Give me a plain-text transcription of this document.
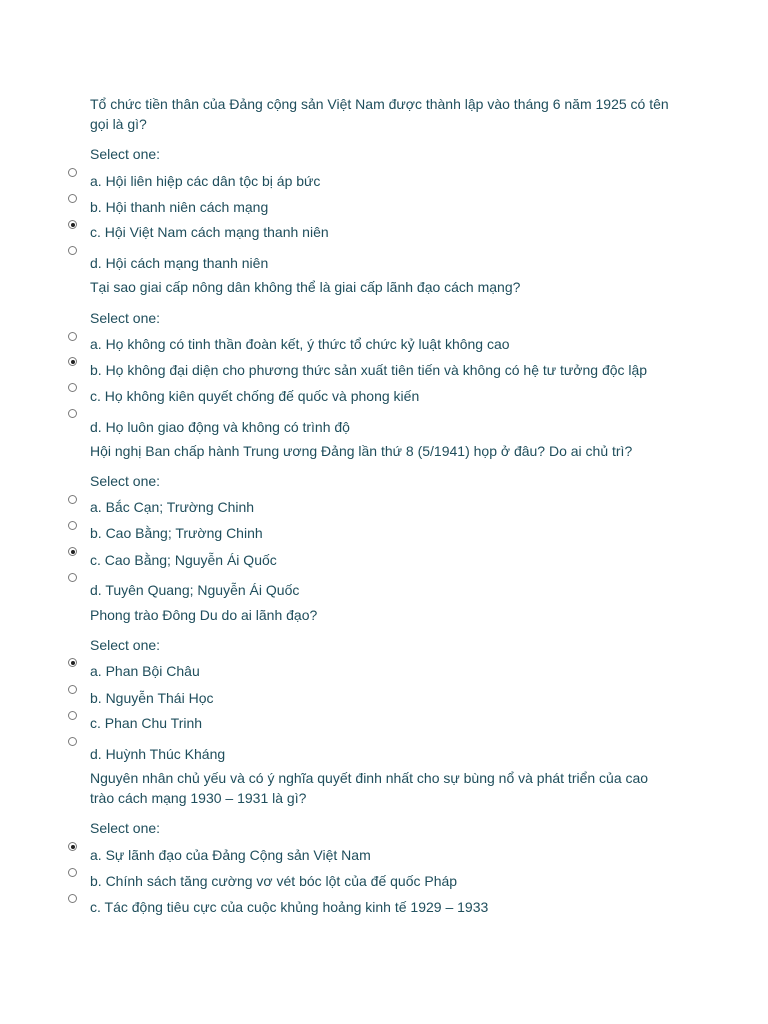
Tổ chức tiền thân của Đảng cộng sản Việt Nam được thành lập vào tháng 6 năm 1925 có tên gọi là gì?
Select one:
a. Hội liên hiệp các dân tộc bị áp bức
b. Hội thanh niên cách mạng
c. Hội Việt Nam cách mạng thanh niên
d. Hội cách mạng thanh niên
Tại sao giai cấp nông dân không thể là giai cấp lãnh đạo cách mạng?
Select one:
a. Họ không có tinh thần đoàn kết, ý thức tổ chức kỷ luật không cao
b. Họ không đại diện cho phương thức sản xuất tiên tiến và không có hệ tư tưởng độc lập
c. Họ không kiên quyết chống đế quốc và phong kiến
d. Họ luôn giao động và không có trình độ
Hội nghị Ban chấp hành Trung ương Đảng lần thứ 8 (5/1941) họp ở đâu? Do ai chủ trì?
Select one:
a. Bắc Cạn; Trường Chinh
b. Cao Bằng; Trường Chinh
c. Cao Bằng; Nguyễn Ái Quốc
d. Tuyên Quang; Nguyễn Ái Quốc
Phong trào Đông Du do ai lãnh đạo?
Select one:
a. Phan Bội Châu
b. Nguyễn Thái Học
c. Phan Chu Trinh
d. Huỳnh Thúc Kháng
Nguyên nhân chủ yếu và có ý nghĩa quyết đinh nhất cho sự bùng nổ và phát triển của cao trào cách mạng 1930 – 1931 là gì?
Select one:
a. Sự lãnh đạo của Đảng Cộng sản Việt Nam
b. Chính sách tăng cường vơ vét bóc lột của đế quốc Pháp
c. Tác động tiêu cực của cuộc khủng hoảng kinh tế 1929 – 1933
